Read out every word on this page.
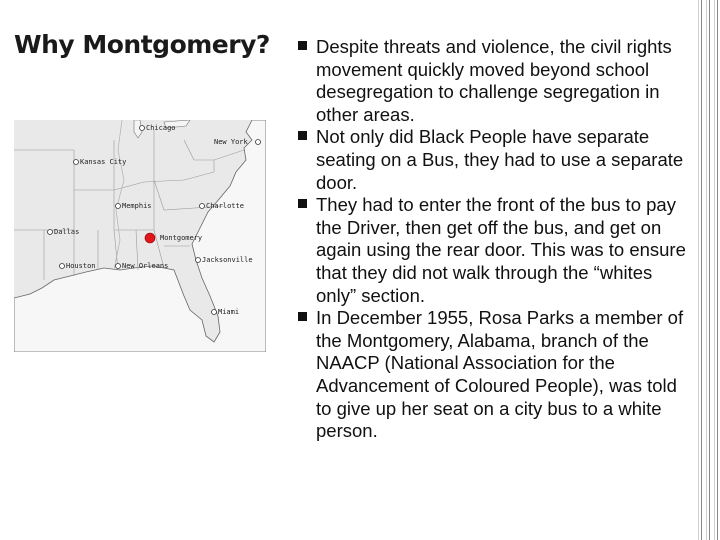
Why Montgomery?
Chicago
New York
Kansas City
Memphis	Charlotte
Dallas
Montgomery
Houston	New Orleans
Jacksonville
Miami
Despite threats and violence, the civil rights movement quickly moved beyond school desegregation to challenge segregation in other areas.
Not only did Black People have separate seating on a Bus, they had to use a separate door.
They had to enter the front of the bus to pay the Driver, then get off the bus, and get on again using the rear door. This was to ensure that they did not walk through the “whites only” section.
In December 1955, Rosa Parks a member of the Montgomery, Alabama, branch of the NAACP (National Association for the Advancement of Coloured People), was told to give up her seat on a city bus to a white person.
